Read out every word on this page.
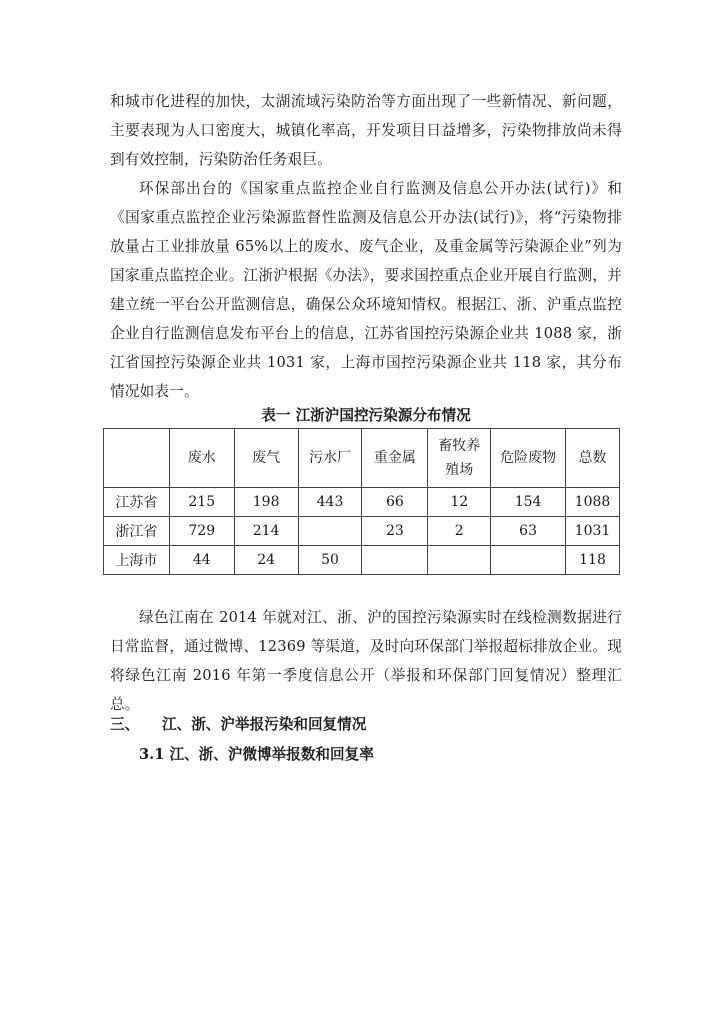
和城市化进程的加快，太湖流域污染防治等方面出现了一些新情况、新问题，主要表现为人口密度大，城镇化率高，开发项目日益增多，污染物排放尚未得到有效控制，污染防治任务艰巨。

环保部出台的《国家重点监控企业自行监测及信息公开办法(试行)》和《国家重点监控企业污染源监督性监测及信息公开办法(试行)》，将“污染物排放量占工业排放量 65%以上的废水、废气企业，及重金属等污染源企业”列为国家重点监控企业。江浙沪根据《办法》，要求国控重点企业开展自行监测，并建立统一平台公开监测信息，确保公众环境知情权。根据江、浙、沪重点监控企业自行监测信息发布平台上的信息，江苏省国控污染源企业共 1088 家，浙江省国控污染源企业共 1031 家，上海市国控污染源企业共 118 家，其分布情况如表一。

表一 江浙沪国控污染源分布情况

	废水	废气	污水厂	重金属	畜牧养
殖场	危险废物	总数
江苏省	215	198	443	66	12	154	1088
浙江省	729	214		23	2	63	1031
上海市	44	24	50				118

绿色江南在 2014 年就对江、浙、沪的国控污染源实时在线检测数据进行日常监督，通过微博、12369 等渠道，及时向环保部门举报超标排放企业。现将绿色江南 2016 年第一季度信息公开（举报和环保部门回复情况）整理汇总。

三、 江、浙、沪举报污染和回复情况
3.1 江、浙、沪微博举报数和回复率
